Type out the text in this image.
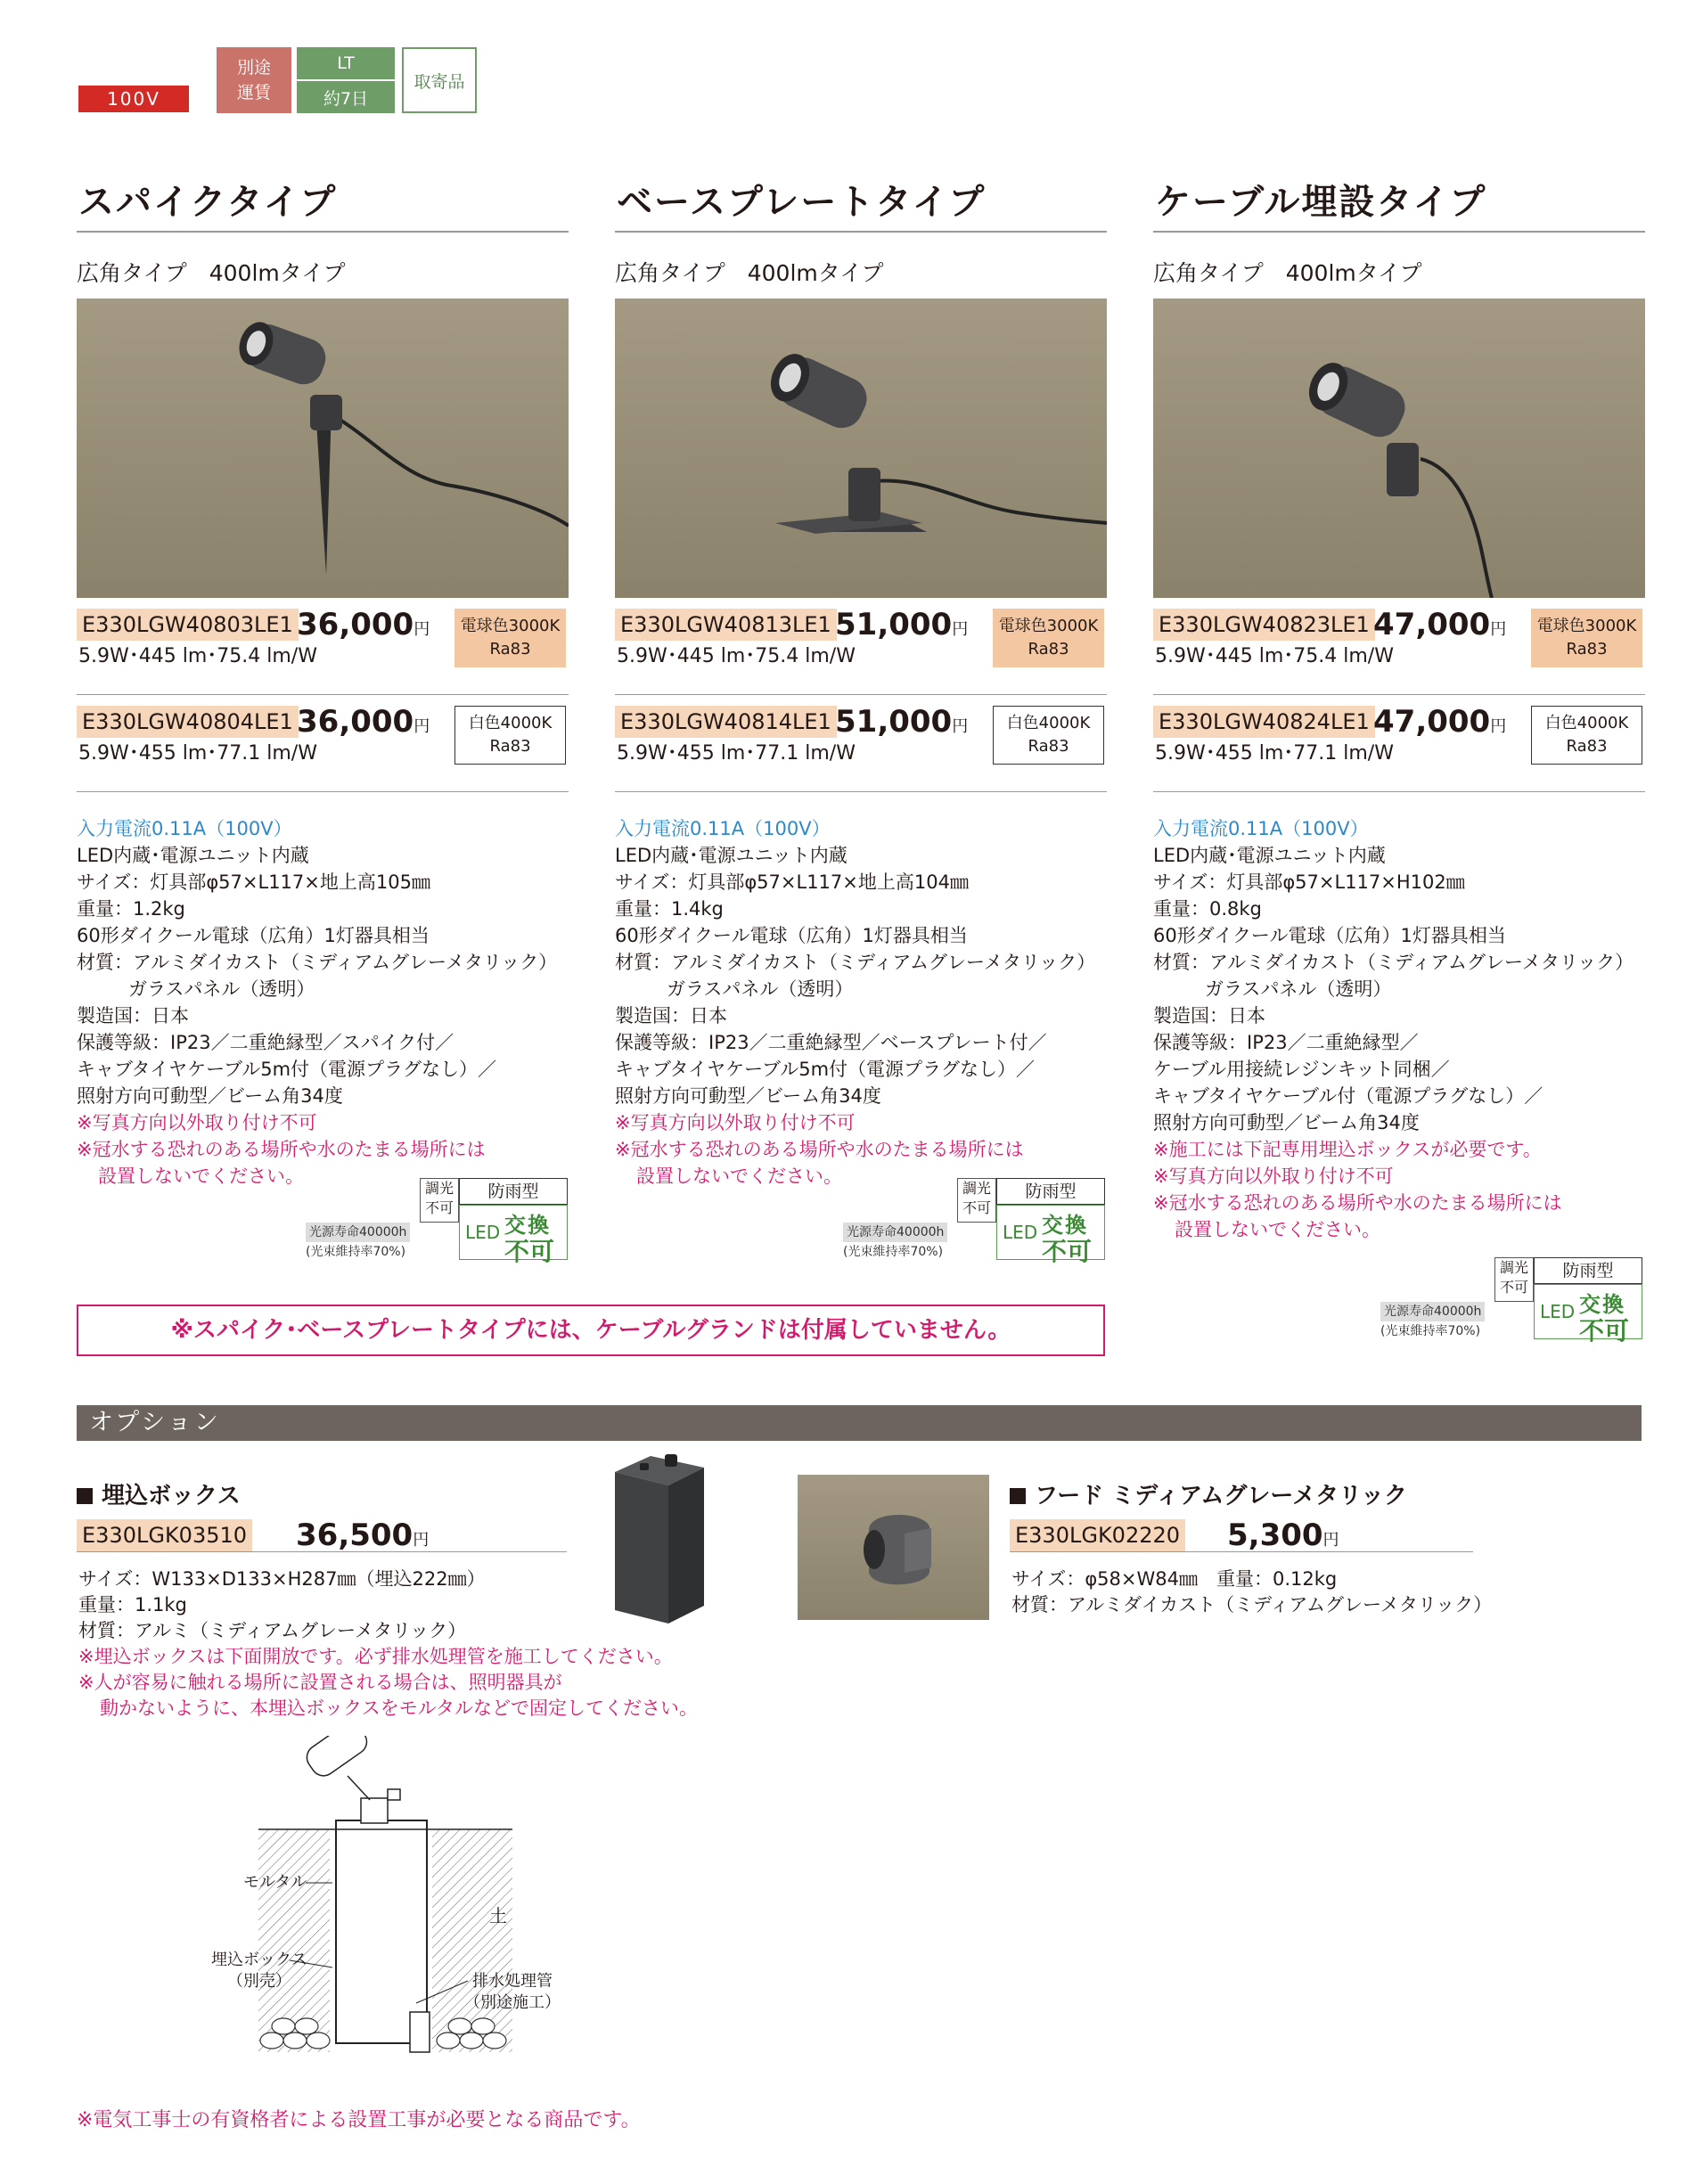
100V
別途
運賃
LT
約7日
取寄品
スパイクタイプ
広角タイプ　400lmタイプ
E330LGW40803LE1 36,000円	電球色3000K
Ra83
5.9W･445 lm･75.4 lm/W
E330LGW40804LE1 36,000円	白色4000K
Ra83
5.9W･455 lm･77.1 lm/W
入力電流0.11A（100V）
LED内蔵･電源ユニット内蔵
サイズ：灯具部φ57×L117×地上高105㎜
重量：1.2kg
60形ダイクール電球（広角）1灯器具相当
材質：アルミダイカスト（ミディアムグレーメタリック）
ガラスパネル（透明）
製造国：日本
保護等級：IP23／二重絶縁型／スパイク付／
キャブタイヤケーブル5m付（電源プラグなし）／
照射方向可動型／ビーム角34度
※写真方向以外取り付け不可
※冠水する恐れのある場所や水のたまる場所には
設置しないでください。
ベースプレートタイプ
広角タイプ　400lmタイプ
E330LGW40813LE1 51,000円	電球色3000K
Ra83
5.9W･445 lm･75.4 lm/W
E330LGW40814LE1 51,000円	白色4000K
Ra83
5.9W･455 lm･77.1 lm/W
入力電流0.11A（100V）
LED内蔵･電源ユニット内蔵
サイズ：灯具部φ57×L117×地上高104㎜
重量：1.4kg
60形ダイクール電球（広角）1灯器具相当
材質：アルミダイカスト（ミディアムグレーメタリック）
ガラスパネル（透明）
製造国：日本
保護等級：IP23／二重絶縁型／ベースプレート付／
キャブタイヤケーブル5m付（電源プラグなし）／
照射方向可動型／ビーム角34度
※写真方向以外取り付け不可
※冠水する恐れのある場所や水のたまる場所には
設置しないでください。
ケーブル埋設タイプ
広角タイプ　400lmタイプ
E330LGW40823LE1 47,000円	電球色3000K
Ra83
5.9W･445 lm･75.4 lm/W
E330LGW40824LE1 47,000円	白色4000K
Ra83
5.9W･455 lm･77.1 lm/W
入力電流0.11A（100V）
LED内蔵･電源ユニット内蔵
サイズ：灯具部φ57×L117×H102㎜
重量：0.8kg
60形ダイクール電球（広角）1灯器具相当
材質：アルミダイカスト（ミディアムグレーメタリック）
ガラスパネル（透明）
製造国：日本
保護等級：IP23／二重絶縁型／
ケーブル用接続レジンキット同梱／
キャブタイヤケーブル付（電源プラグなし）／
照射方向可動型／ビーム角34度
※施工には下記専用埋込ボックスが必要です。
※写真方向以外取り付け不可
※冠水する恐れのある場所や水のたまる場所には
設置しないでください。
調光
不可
防雨型
光源寿命40000h
(光束維持率70%)
LED 交換
不可
調光
不可
防雨型
光源寿命40000h
(光束維持率70%)
LED 交換
不可
調光
不可
防雨型
光源寿命40000h
(光束維持率70%)
LED 交換
不可
※スパイク･ベースプレートタイプには、ケーブルグランドは付属していません。
オプション
埋込ボックス
E330LGK03510 36,500円
サイズ：W133×D133×H287㎜（埋込222㎜）
重量：1.1kg
材質：アルミ（ミディアムグレーメタリック）
※埋込ボックスは下面開放です。必ず排水処理管を施工してください。
※人が容易に触れる場所に設置される場合は、照明器具が
動かないように、本埋込ボックスをモルタルなどで固定してください。
フード ミディアムグレーメタリック
E330LGK02220 5,300円
サイズ：φ58×W84㎜　重量：0.12kg
材質：アルミダイカスト（ミディアムグレーメタリック）
モルタル
埋込ボックス
（別売）
土
排水処理管
（別途施工）
※電気工事士の有資格者による設置工事が必要となる商品です。
